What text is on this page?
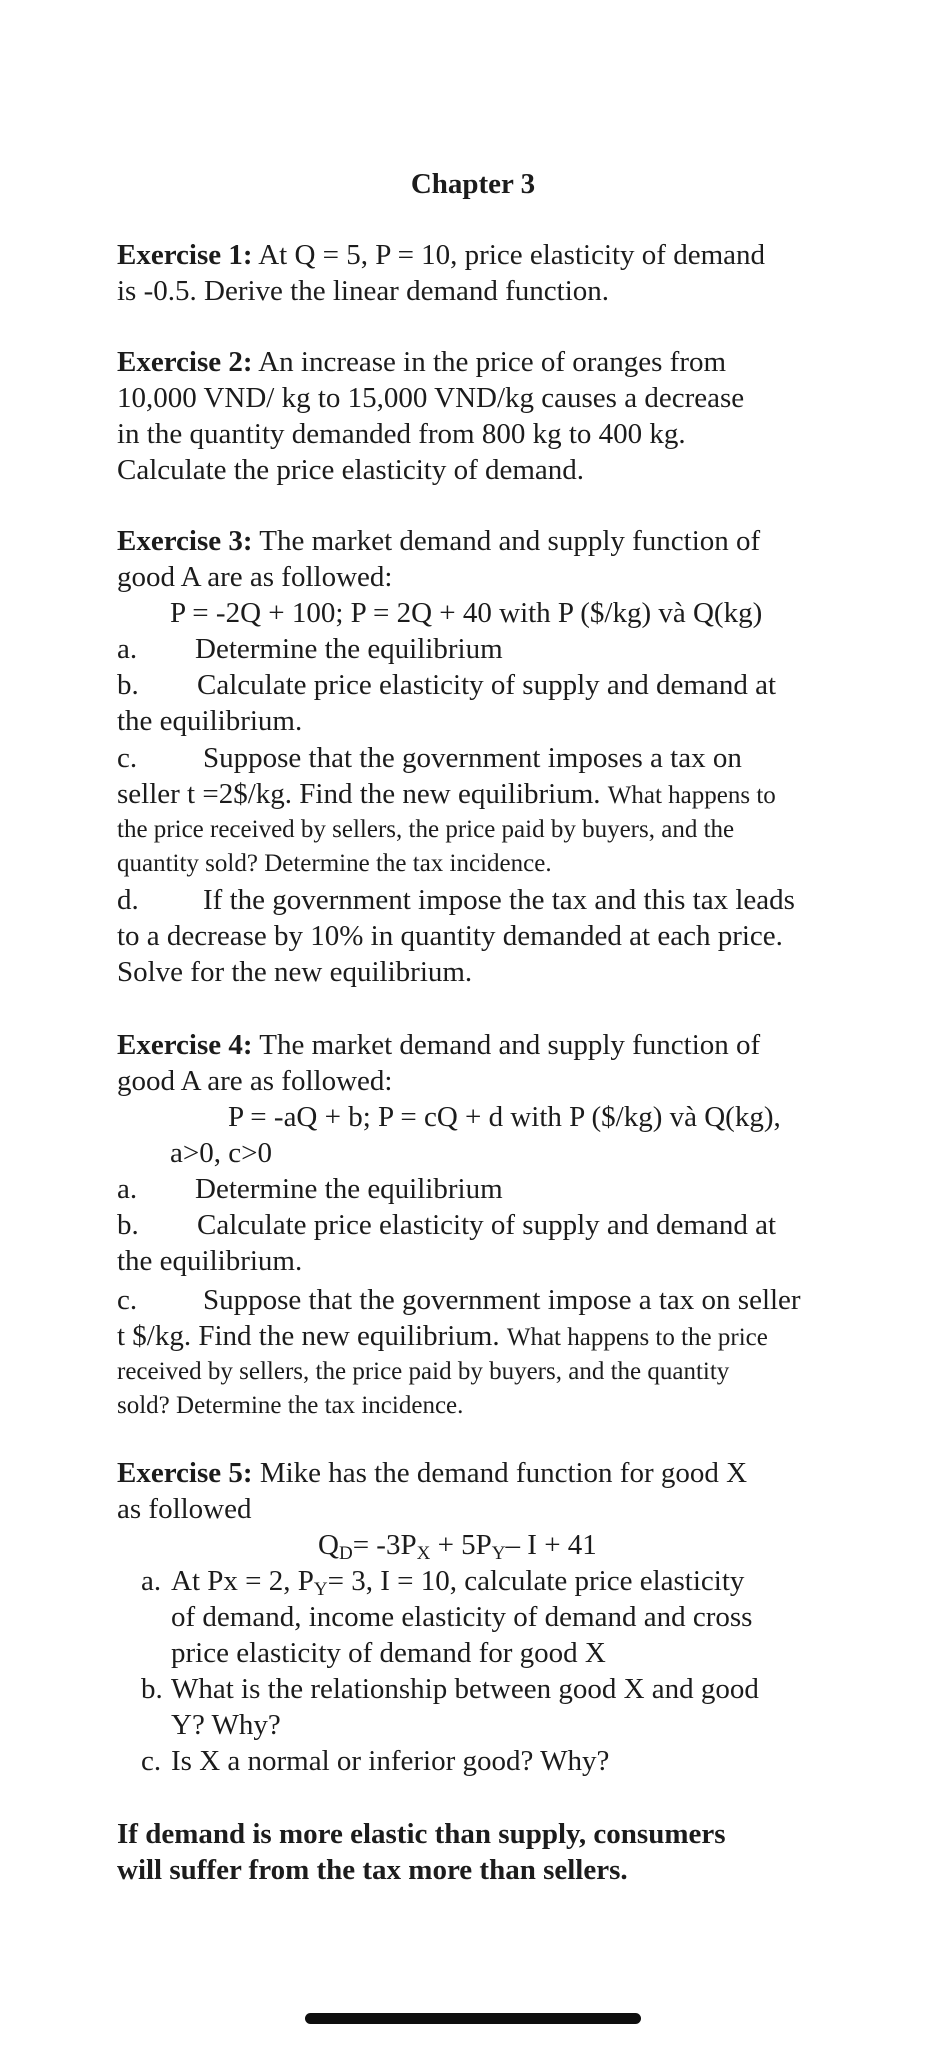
Chapter 3
Exercise 1: At Q = 5, P = 10, price elasticity of demand
is -0.5. Derive the linear demand function.
Exercise 2: An increase in the price of oranges from
10,000 VND/ kg to 15,000 VND/kg causes a decrease
in the quantity demanded from 800 kg to 400 kg.
Calculate the price elasticity of demand.
Exercise 3: The market demand and supply function of
good A are as followed:
P = -2Q + 100; P = 2Q + 40 with P ($/kg) và Q(kg)
a. Determine the equilibrium
b. Calculate price elasticity of supply and demand at
the equilibrium.
c. Suppose that the government imposes a tax on
seller t =2$/kg. Find the new equilibrium. What happens to
the price received by sellers, the price paid by buyers, and the
quantity sold? Determine the tax incidence.
d. If the government impose the tax and this tax leads
to a decrease by 10% in quantity demanded at each price.
Solve for the new equilibrium.
Exercise 4: The market demand and supply function of
good A are as followed:
P = -aQ + b; P = cQ + d with P ($/kg) và Q(kg),
a>0, c>0
a. Determine the equilibrium
b. Calculate price elasticity of supply and demand at
the equilibrium.
c. Suppose that the government impose a tax on seller
t $/kg. Find the new equilibrium. What happens to the price
received by sellers, the price paid by buyers, and the quantity
sold? Determine the tax incidence.
Exercise 5: Mike has the demand function for good X
as followed
$Q_D= -3P_X + 5P_Y-$ I + 41
a. At Px = 2, $P_Y= 3$, I = 10, calculate price elasticity
of demand, income elasticity of demand and cross
price elasticity of demand for good X
b. What is the relationship between good X and good
Y? Why?
c. Is X a normal or inferior good? Why?
If demand is more elastic than supply, consumers
will suffer from the tax more than sellers.
